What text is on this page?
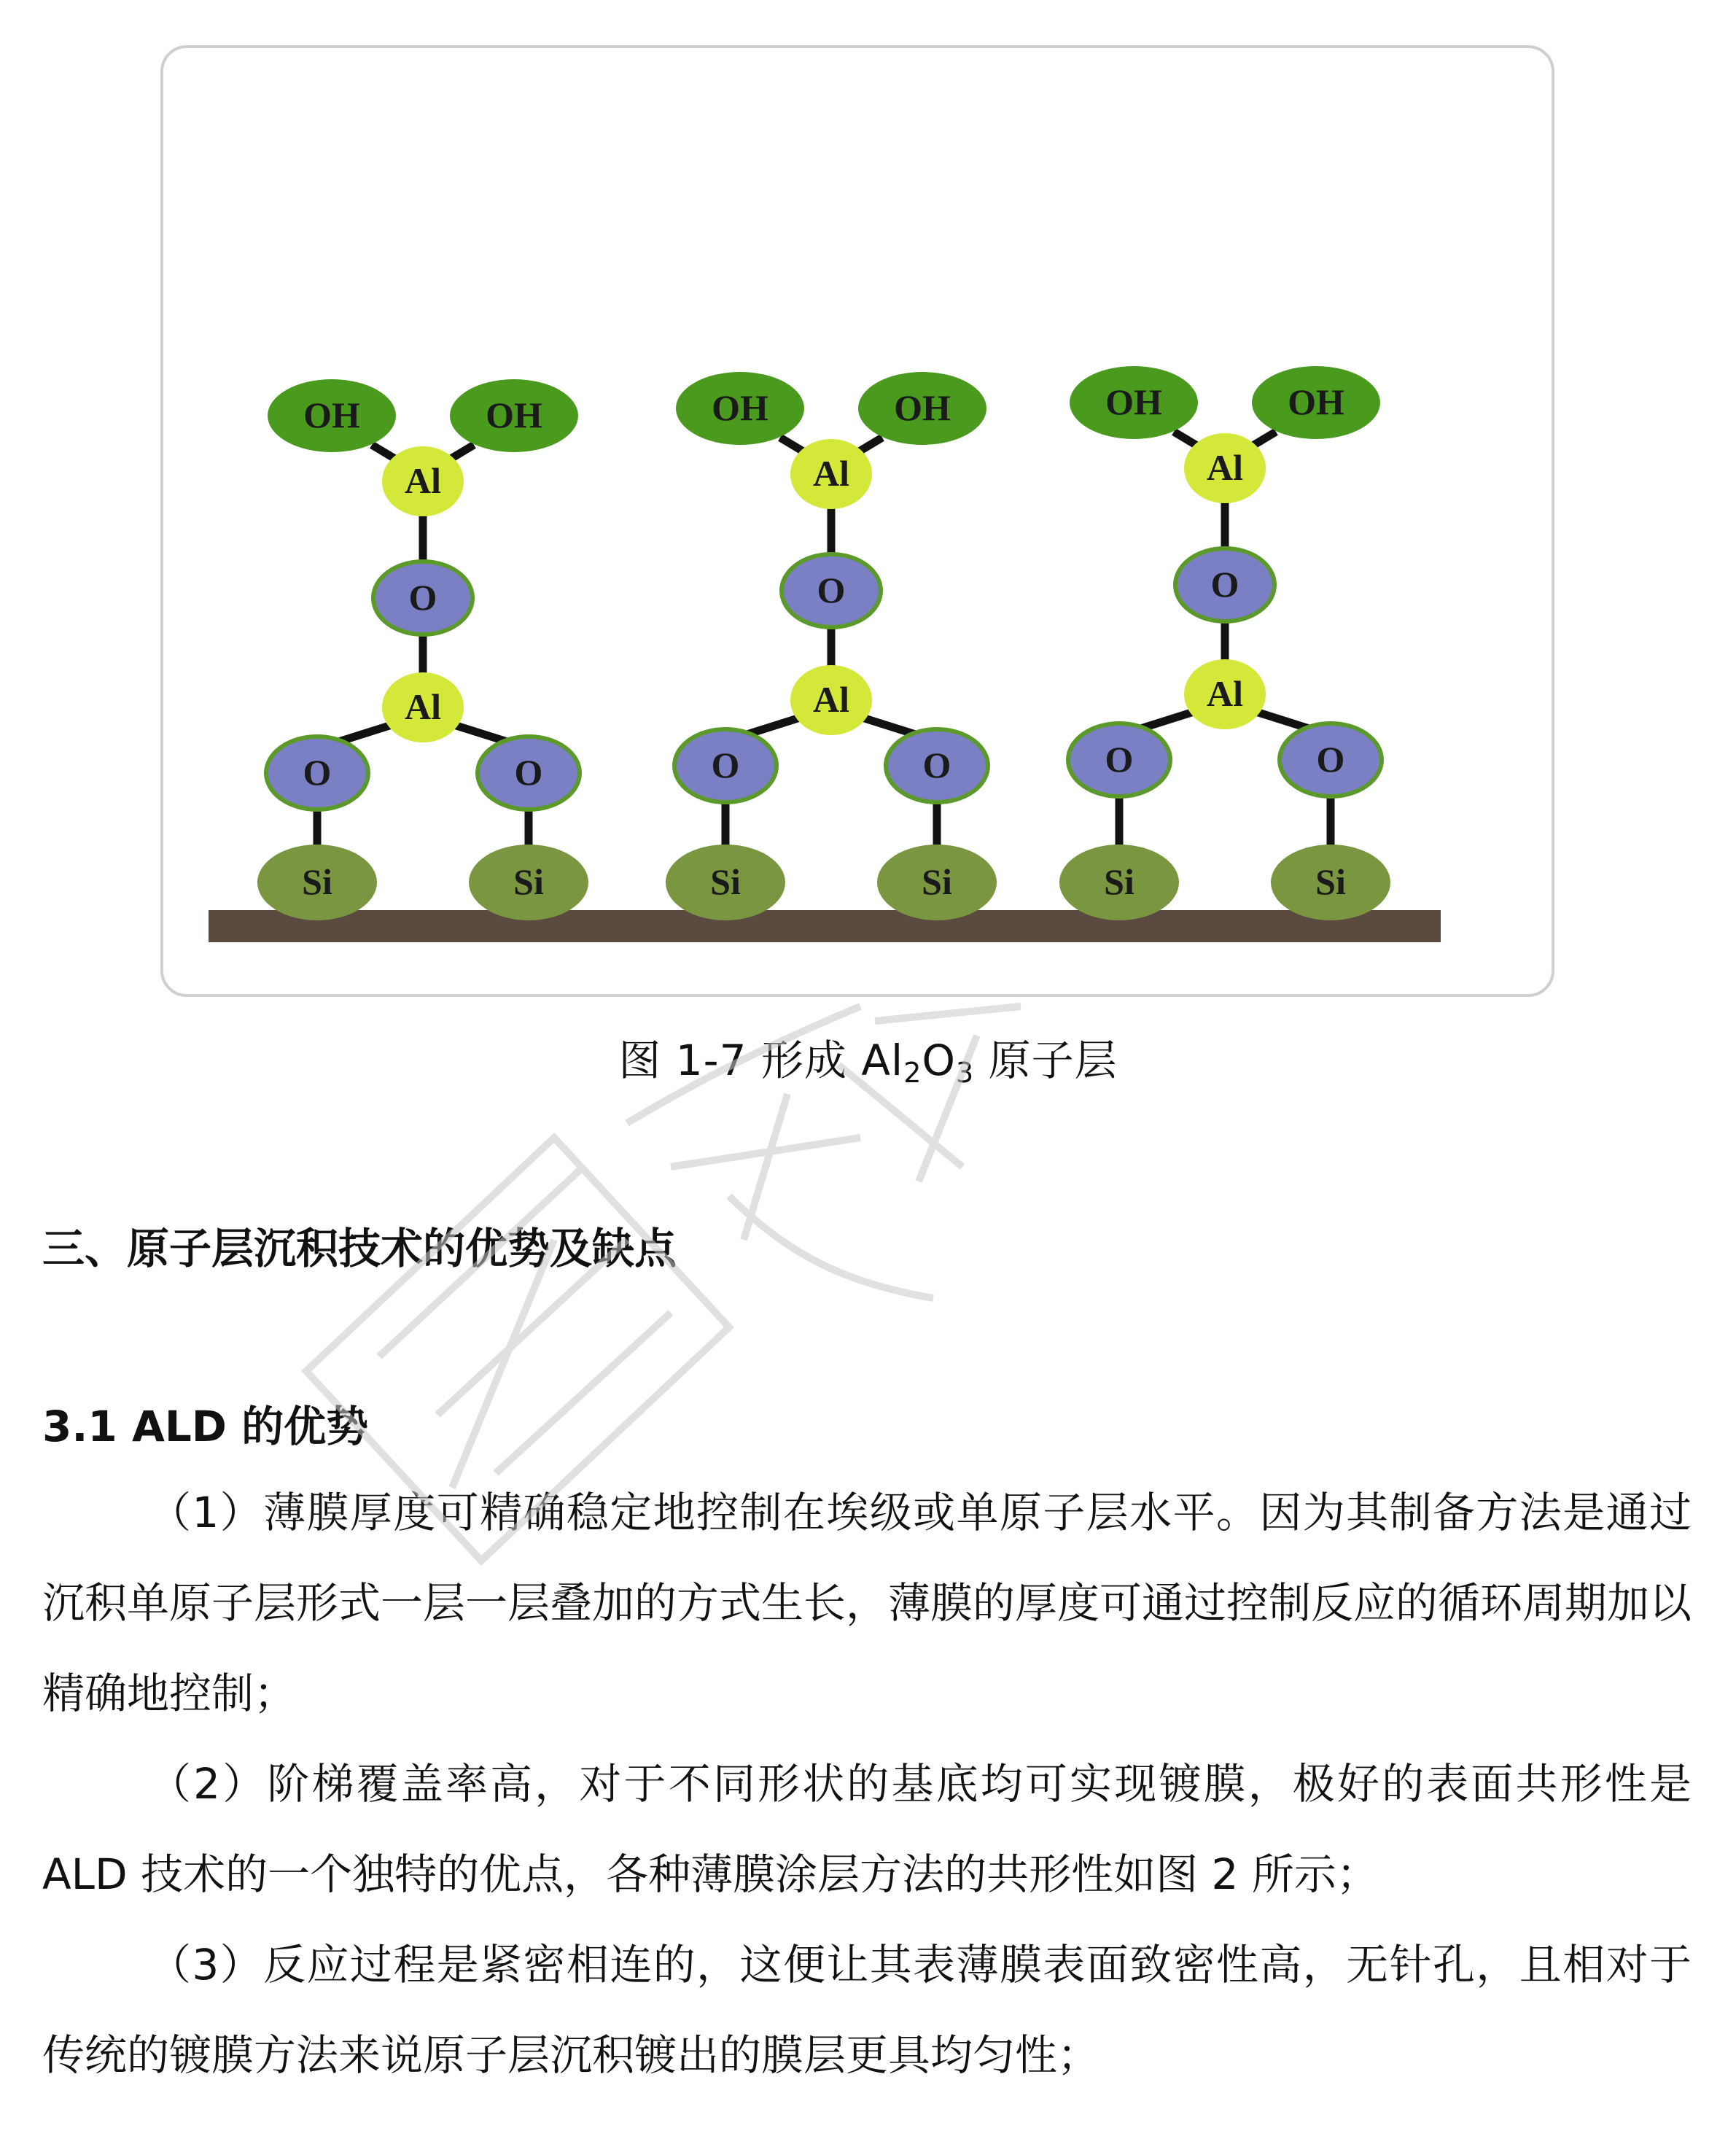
Si	Si
O	O
Al
O
Al
OH	OH
Si	Si
O	O
Al
O
Al
OH	OH
Si	Si
O	O
Al
O
Al
OH	OH
图 1-7 形成 $Al_2O_3$ 原子层
三、原子层沉积技术的优势及缺点
3.1 ALD 的优势

（1）薄膜厚度可精确稳定地控制在埃级或单原子层水平。因为其制备方法是通过沉积单原子层形式一层一层叠加的方式生长，薄膜的厚度可通过控制反应的循环周期加以精确地控制；

（2）阶梯覆盖率高，对于不同形状的基底均可实现镀膜，极好的表面共形性是 ALD 技术的一个独特的优点，各种薄膜涂层方法的共形性如图 2 所示；

（3）反应过程是紧密相连的，这便让其表薄膜表面致密性高，无针孔，且相对于传统的镀膜方法来说原子层沉积镀出的膜层更具均匀性；
